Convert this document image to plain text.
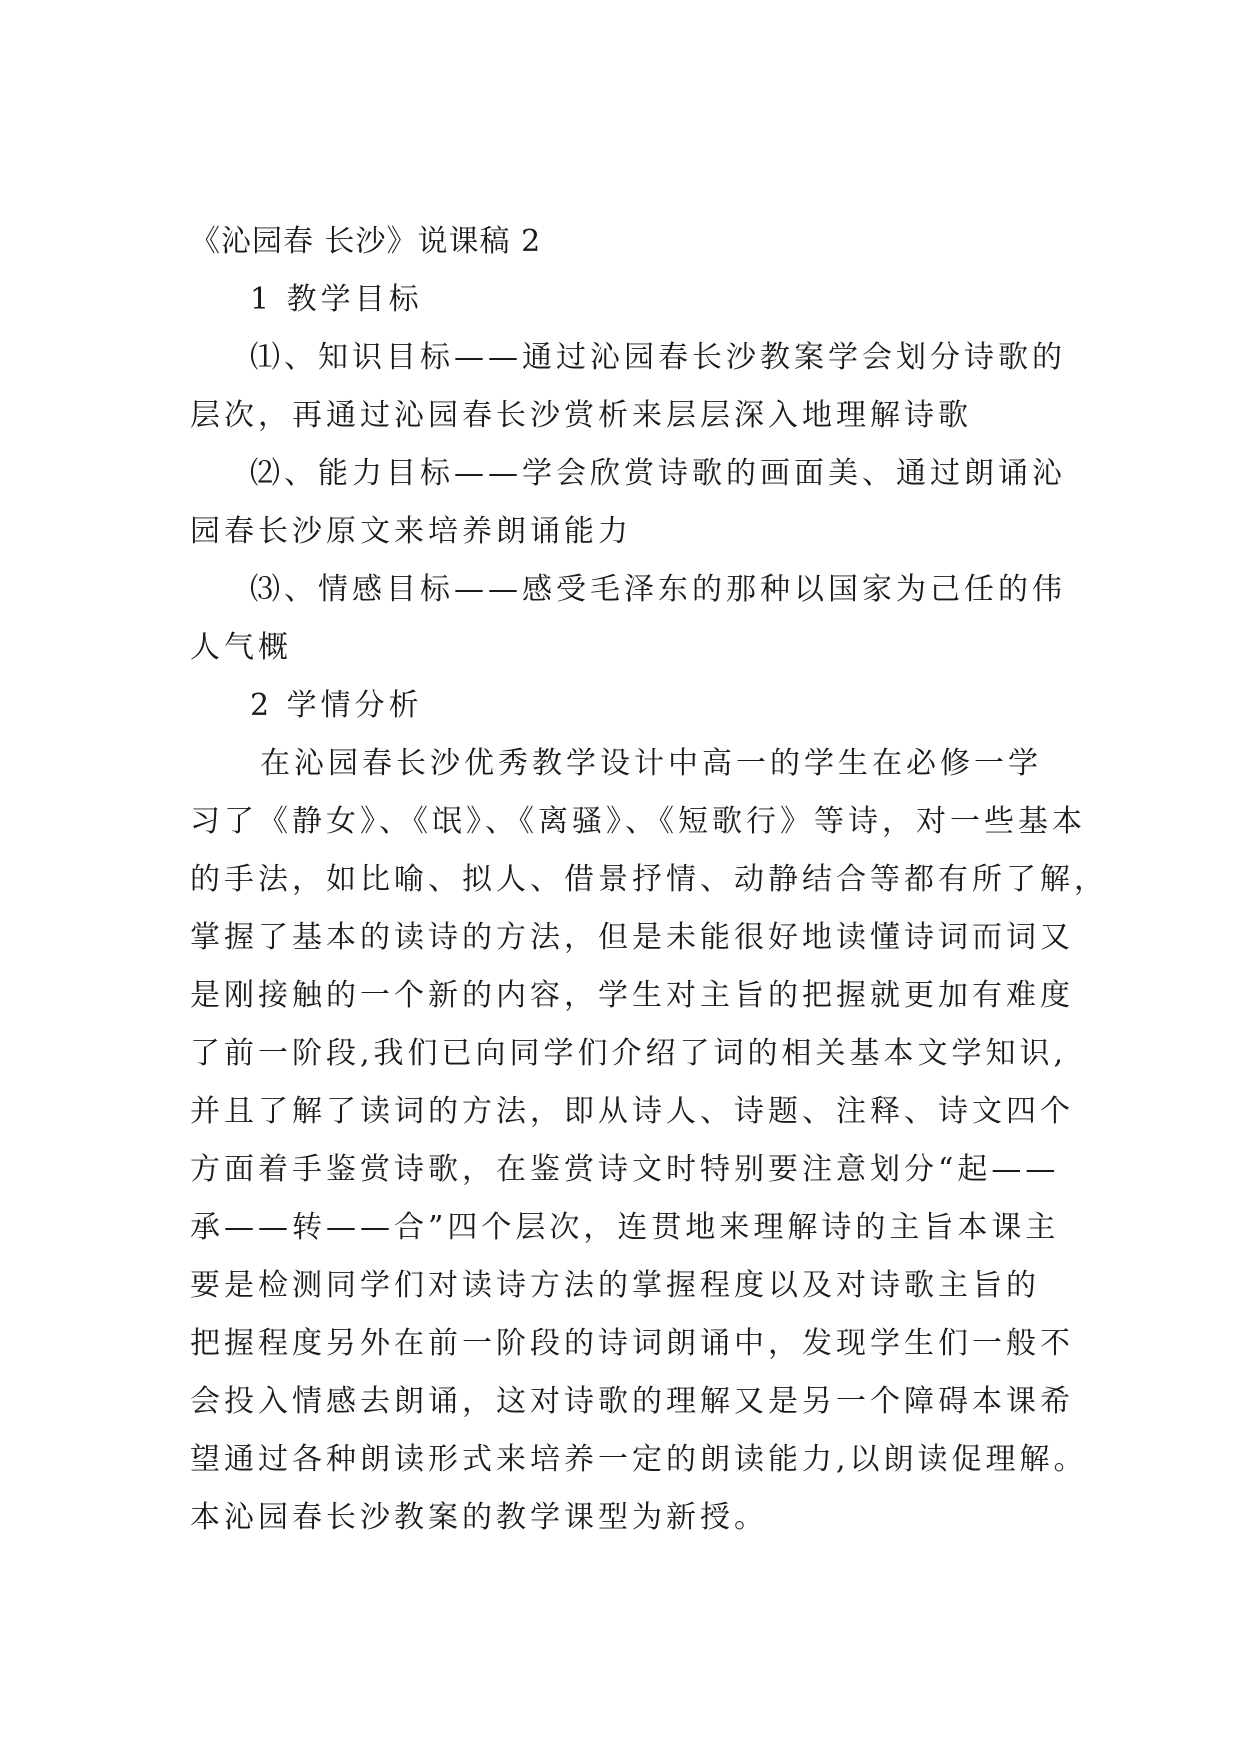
《沁园春 长沙》说课稿 2
1 教学目标
⑴、知识目标——通过沁园春长沙教案学会划分诗歌的
层次，再通过沁园春长沙赏析来层层深入地理解诗歌
⑵、能力目标——学会欣赏诗歌的画面美、通过朗诵沁
园春长沙原文来培养朗诵能力
⑶、情感目标——感受毛泽东的那种以国家为己任的伟
人气概
2 学情分析
在沁园春长沙优秀教学设计中高一的学生在必修一学
习了《静女》、《氓》、《离骚》、《短歌行》等诗，对一些基本
的手法，如比喻、拟人、借景抒情、动静结合等都有所了解，
掌握了基本的读诗的方法，但是未能很好地读懂诗词而词又
是刚接触的一个新的内容，学生对主旨的把握就更加有难度
了前一阶段,我们已向同学们介绍了词的相关基本文学知识,
并且了解了读词的方法，即从诗人、诗题、注释、诗文四个
方面着手鉴赏诗歌，在鉴赏诗文时特别要注意划分“起——
承——转——合”四个层次，连贯地来理解诗的主旨本课主
要是检测同学们对读诗方法的掌握程度以及对诗歌主旨的
把握程度另外在前一阶段的诗词朗诵中，发现学生们一般不
会投入情感去朗诵，这对诗歌的理解又是另一个障碍本课希
望通过各种朗读形式来培养一定的朗读能力,以朗读促理解。
本沁园春长沙教案的教学课型为新授。
